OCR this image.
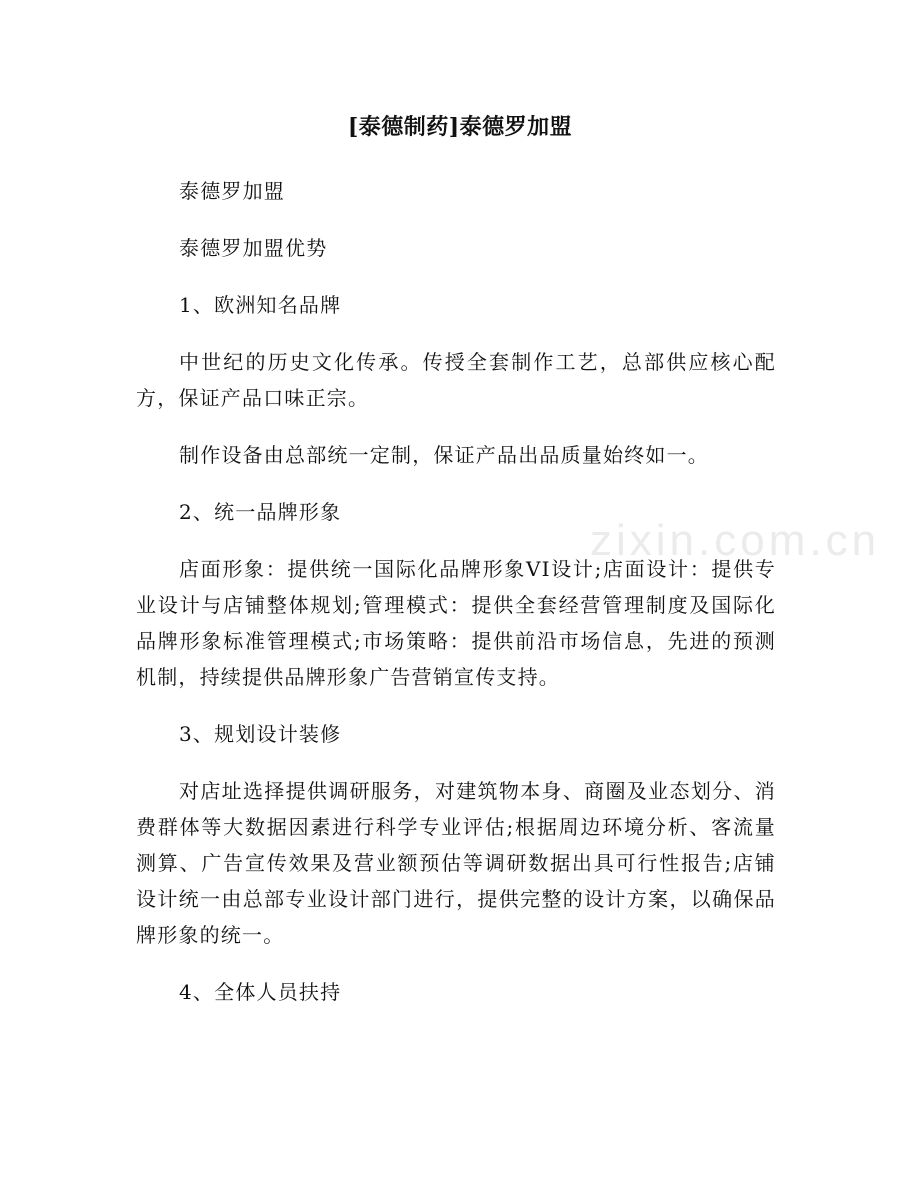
zixin.com.cn
[泰德制药]泰德罗加盟

泰德罗加盟

泰德罗加盟优势

1、欧洲知名品牌

中世纪的历史文化传承。传授全套制作工艺，总部供应核心配方，保证产品口味正宗。

制作设备由总部统一定制，保证产品出品质量始终如一。

2、统一品牌形象

店面形象：提供统一国际化品牌形象VI设计;店面设计：提供专业设计与店铺整体规划;管理模式：提供全套经营管理制度及国际化品牌形象标准管理模式;市场策略：提供前沿市场信息，先进的预测机制，持续提供品牌形象广告营销宣传支持。

3、规划设计装修

对店址选择提供调研服务，对建筑物本身、商圈及业态划分、消费群体等大数据因素进行科学专业评估;根据周边环境分析、客流量测算、广告宣传效果及营业额预估等调研数据出具可行性报告;店铺设计统一由总部专业设计部门进行，提供完整的设计方案，以确保品牌形象的统一。

4、全体人员扶持
